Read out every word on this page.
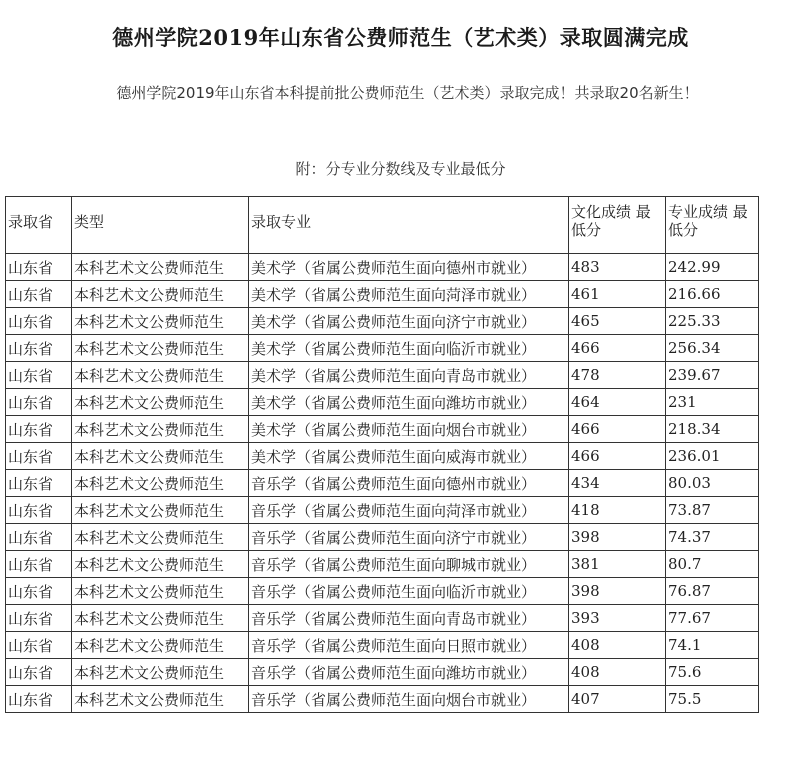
德州学院2019年山东省公费师范生（艺术类）录取圆满完成
德州学院2019年山东省本科提前批公费师范生（艺术类）录取完成！共录取20名新生！
附：分专业分数线及专业最低分
录取省	类型	录取专业	文化成绩 最低分	专业成绩 最低分
山东省	本科艺术文公费师范生	美术学（省属公费师范生面向德州市就业）	483	242.99
山东省	本科艺术文公费师范生	美术学（省属公费师范生面向菏泽市就业）	461	216.66
山东省	本科艺术文公费师范生	美术学（省属公费师范生面向济宁市就业）	465	225.33
山东省	本科艺术文公费师范生	美术学（省属公费师范生面向临沂市就业）	466	256.34
山东省	本科艺术文公费师范生	美术学（省属公费师范生面向青岛市就业）	478	239.67
山东省	本科艺术文公费师范生	美术学（省属公费师范生面向潍坊市就业）	464	231
山东省	本科艺术文公费师范生	美术学（省属公费师范生面向烟台市就业）	466	218.34
山东省	本科艺术文公费师范生	美术学（省属公费师范生面向威海市就业）	466	236.01
山东省	本科艺术文公费师范生	音乐学（省属公费师范生面向德州市就业）	434	80.03
山东省	本科艺术文公费师范生	音乐学（省属公费师范生面向菏泽市就业）	418	73.87
山东省	本科艺术文公费师范生	音乐学（省属公费师范生面向济宁市就业）	398	74.37
山东省	本科艺术文公费师范生	音乐学（省属公费师范生面向聊城市就业）	381	80.7
山东省	本科艺术文公费师范生	音乐学（省属公费师范生面向临沂市就业）	398	76.87
山东省	本科艺术文公费师范生	音乐学（省属公费师范生面向青岛市就业）	393	77.67
山东省	本科艺术文公费师范生	音乐学（省属公费师范生面向日照市就业）	408	74.1
山东省	本科艺术文公费师范生	音乐学（省属公费师范生面向潍坊市就业）	408	75.6
山东省	本科艺术文公费师范生	音乐学（省属公费师范生面向烟台市就业）	407	75.5
